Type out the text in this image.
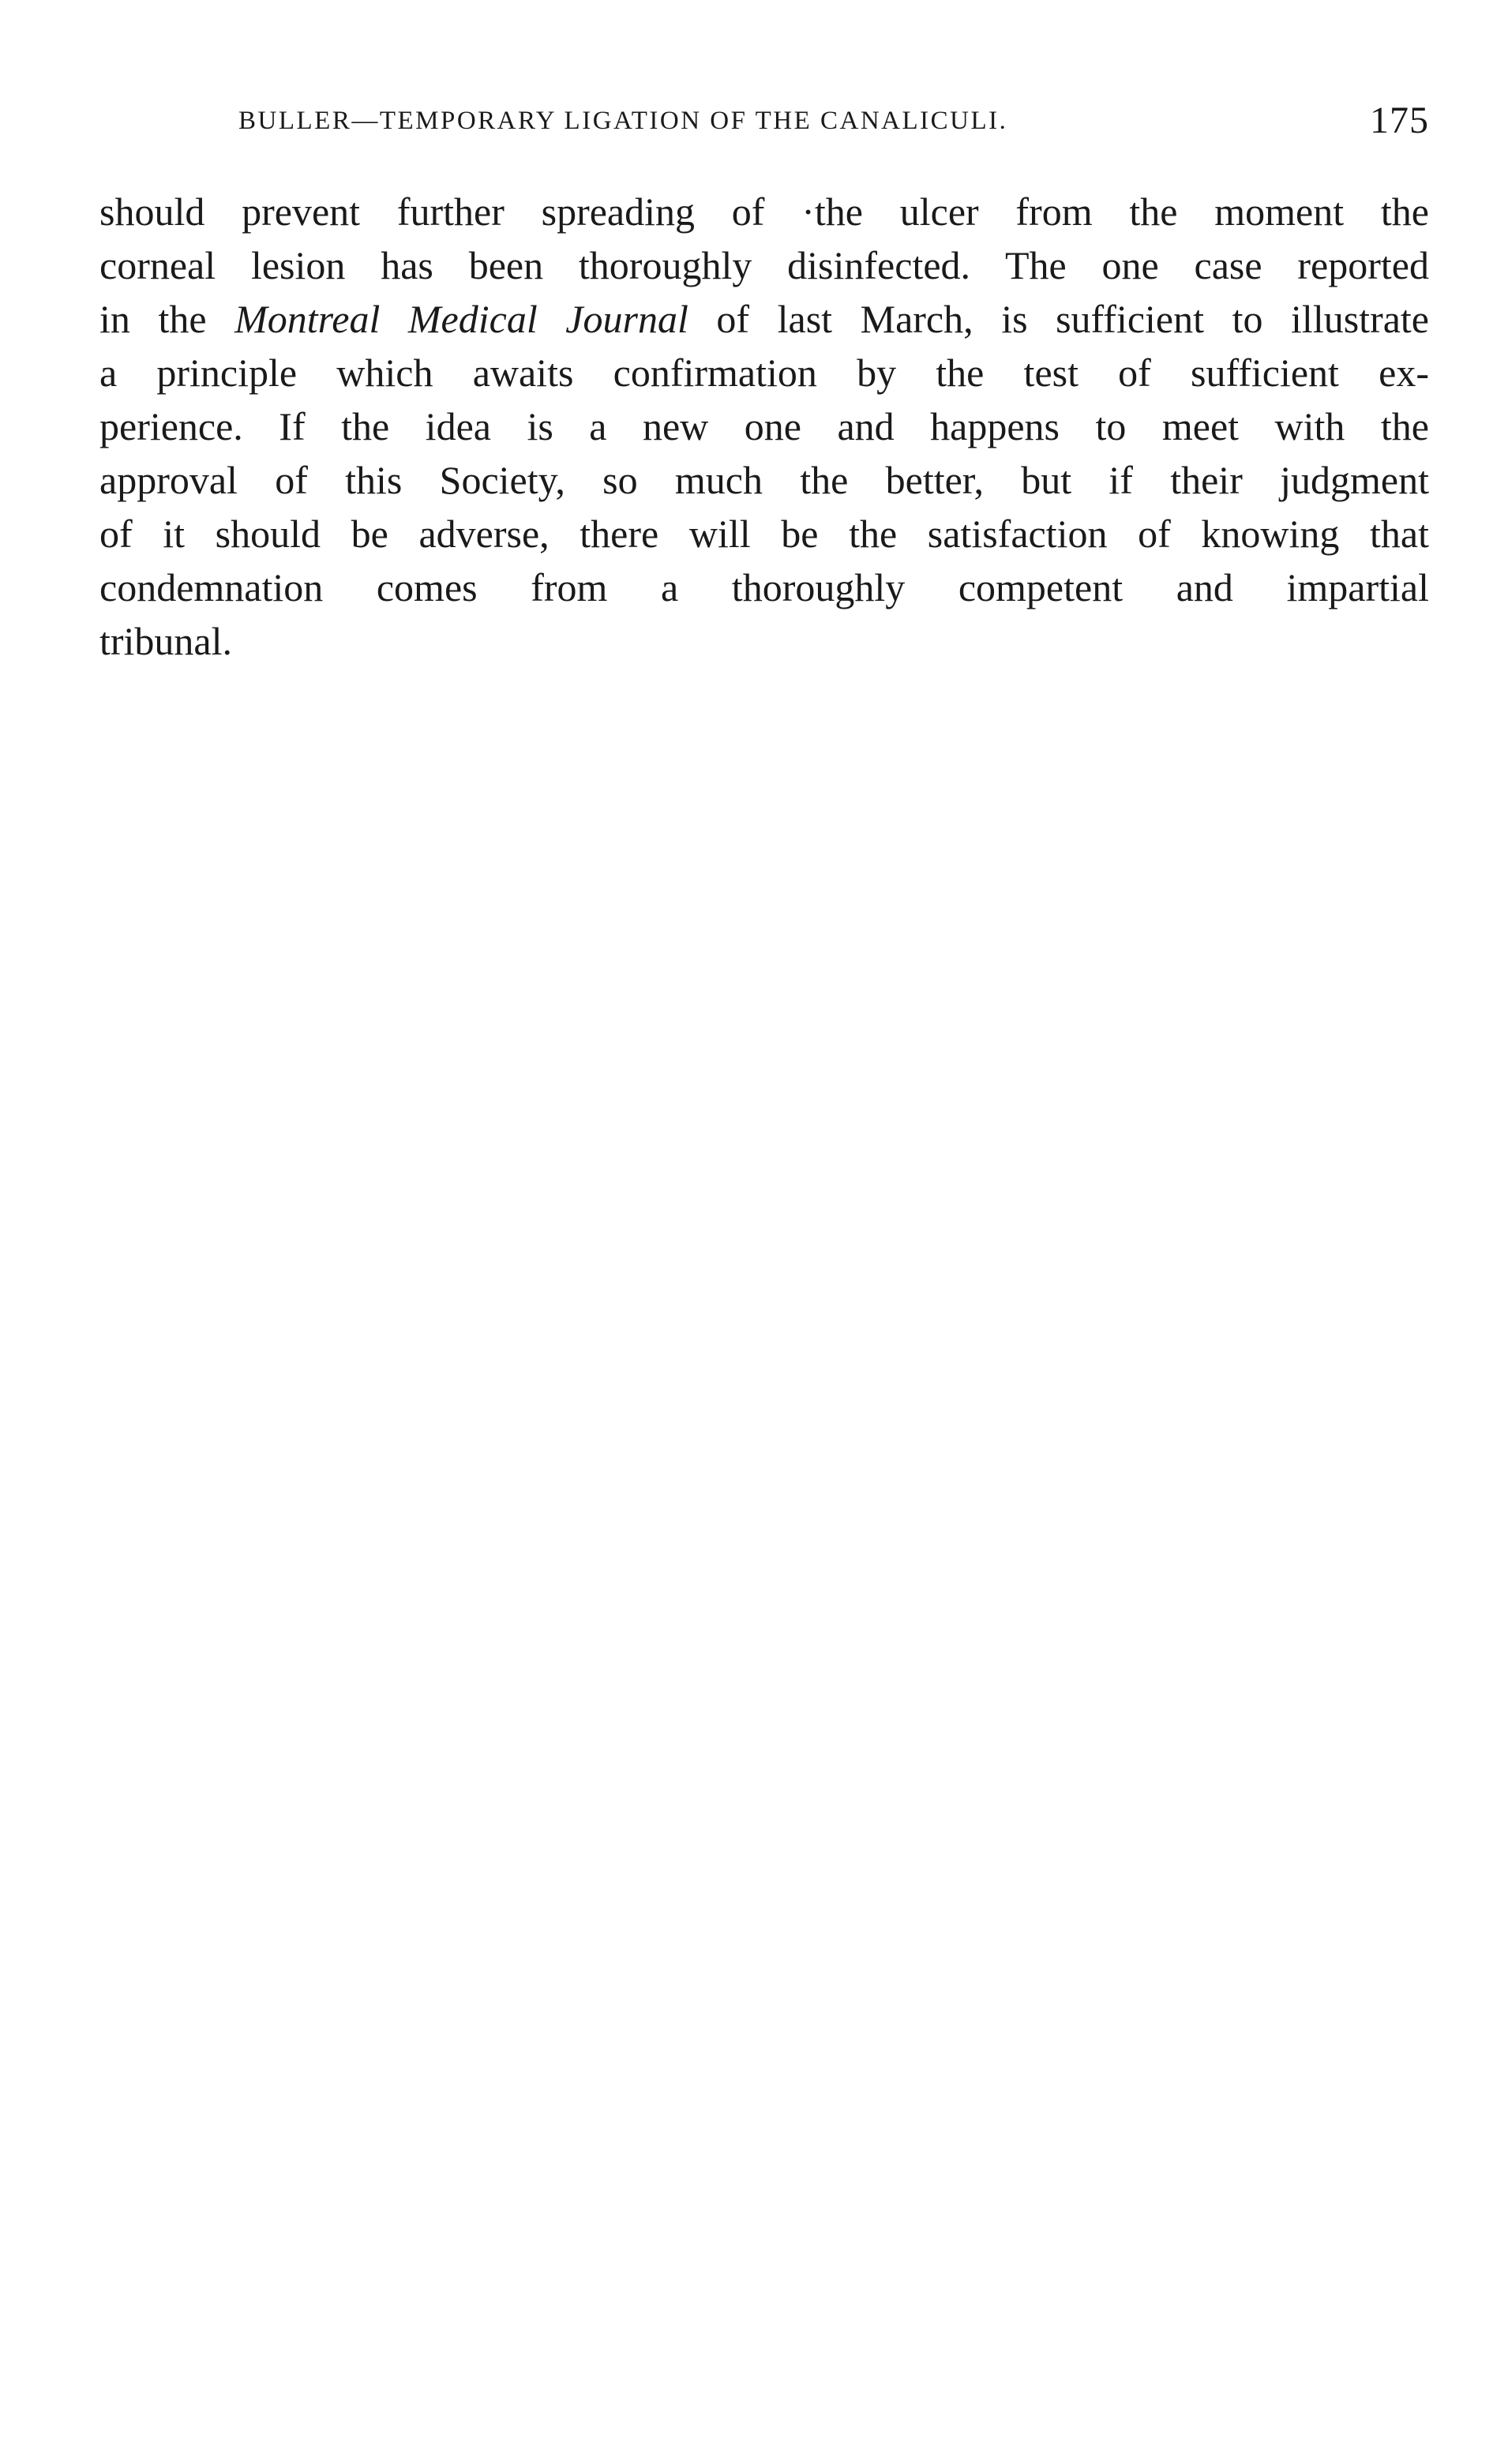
BULLER—TEMPORARY LIGATION OF THE CANALICULI.	175
should prevent further spreading of ·the ulcer from the moment the
corneal lesion has been thoroughly disinfected. The one case reported
in the Montreal Medical Journal of last March, is sufficient to illustrate
a principle which awaits confirmation by the test of sufficient ex-
perience. If the idea is a new one and happens to meet with the
approval of this Society, so much the better, but if their judgment
of it should be adverse, there will be the satisfaction of knowing that
condemnation comes from a thoroughly competent and impartial
tribunal.
